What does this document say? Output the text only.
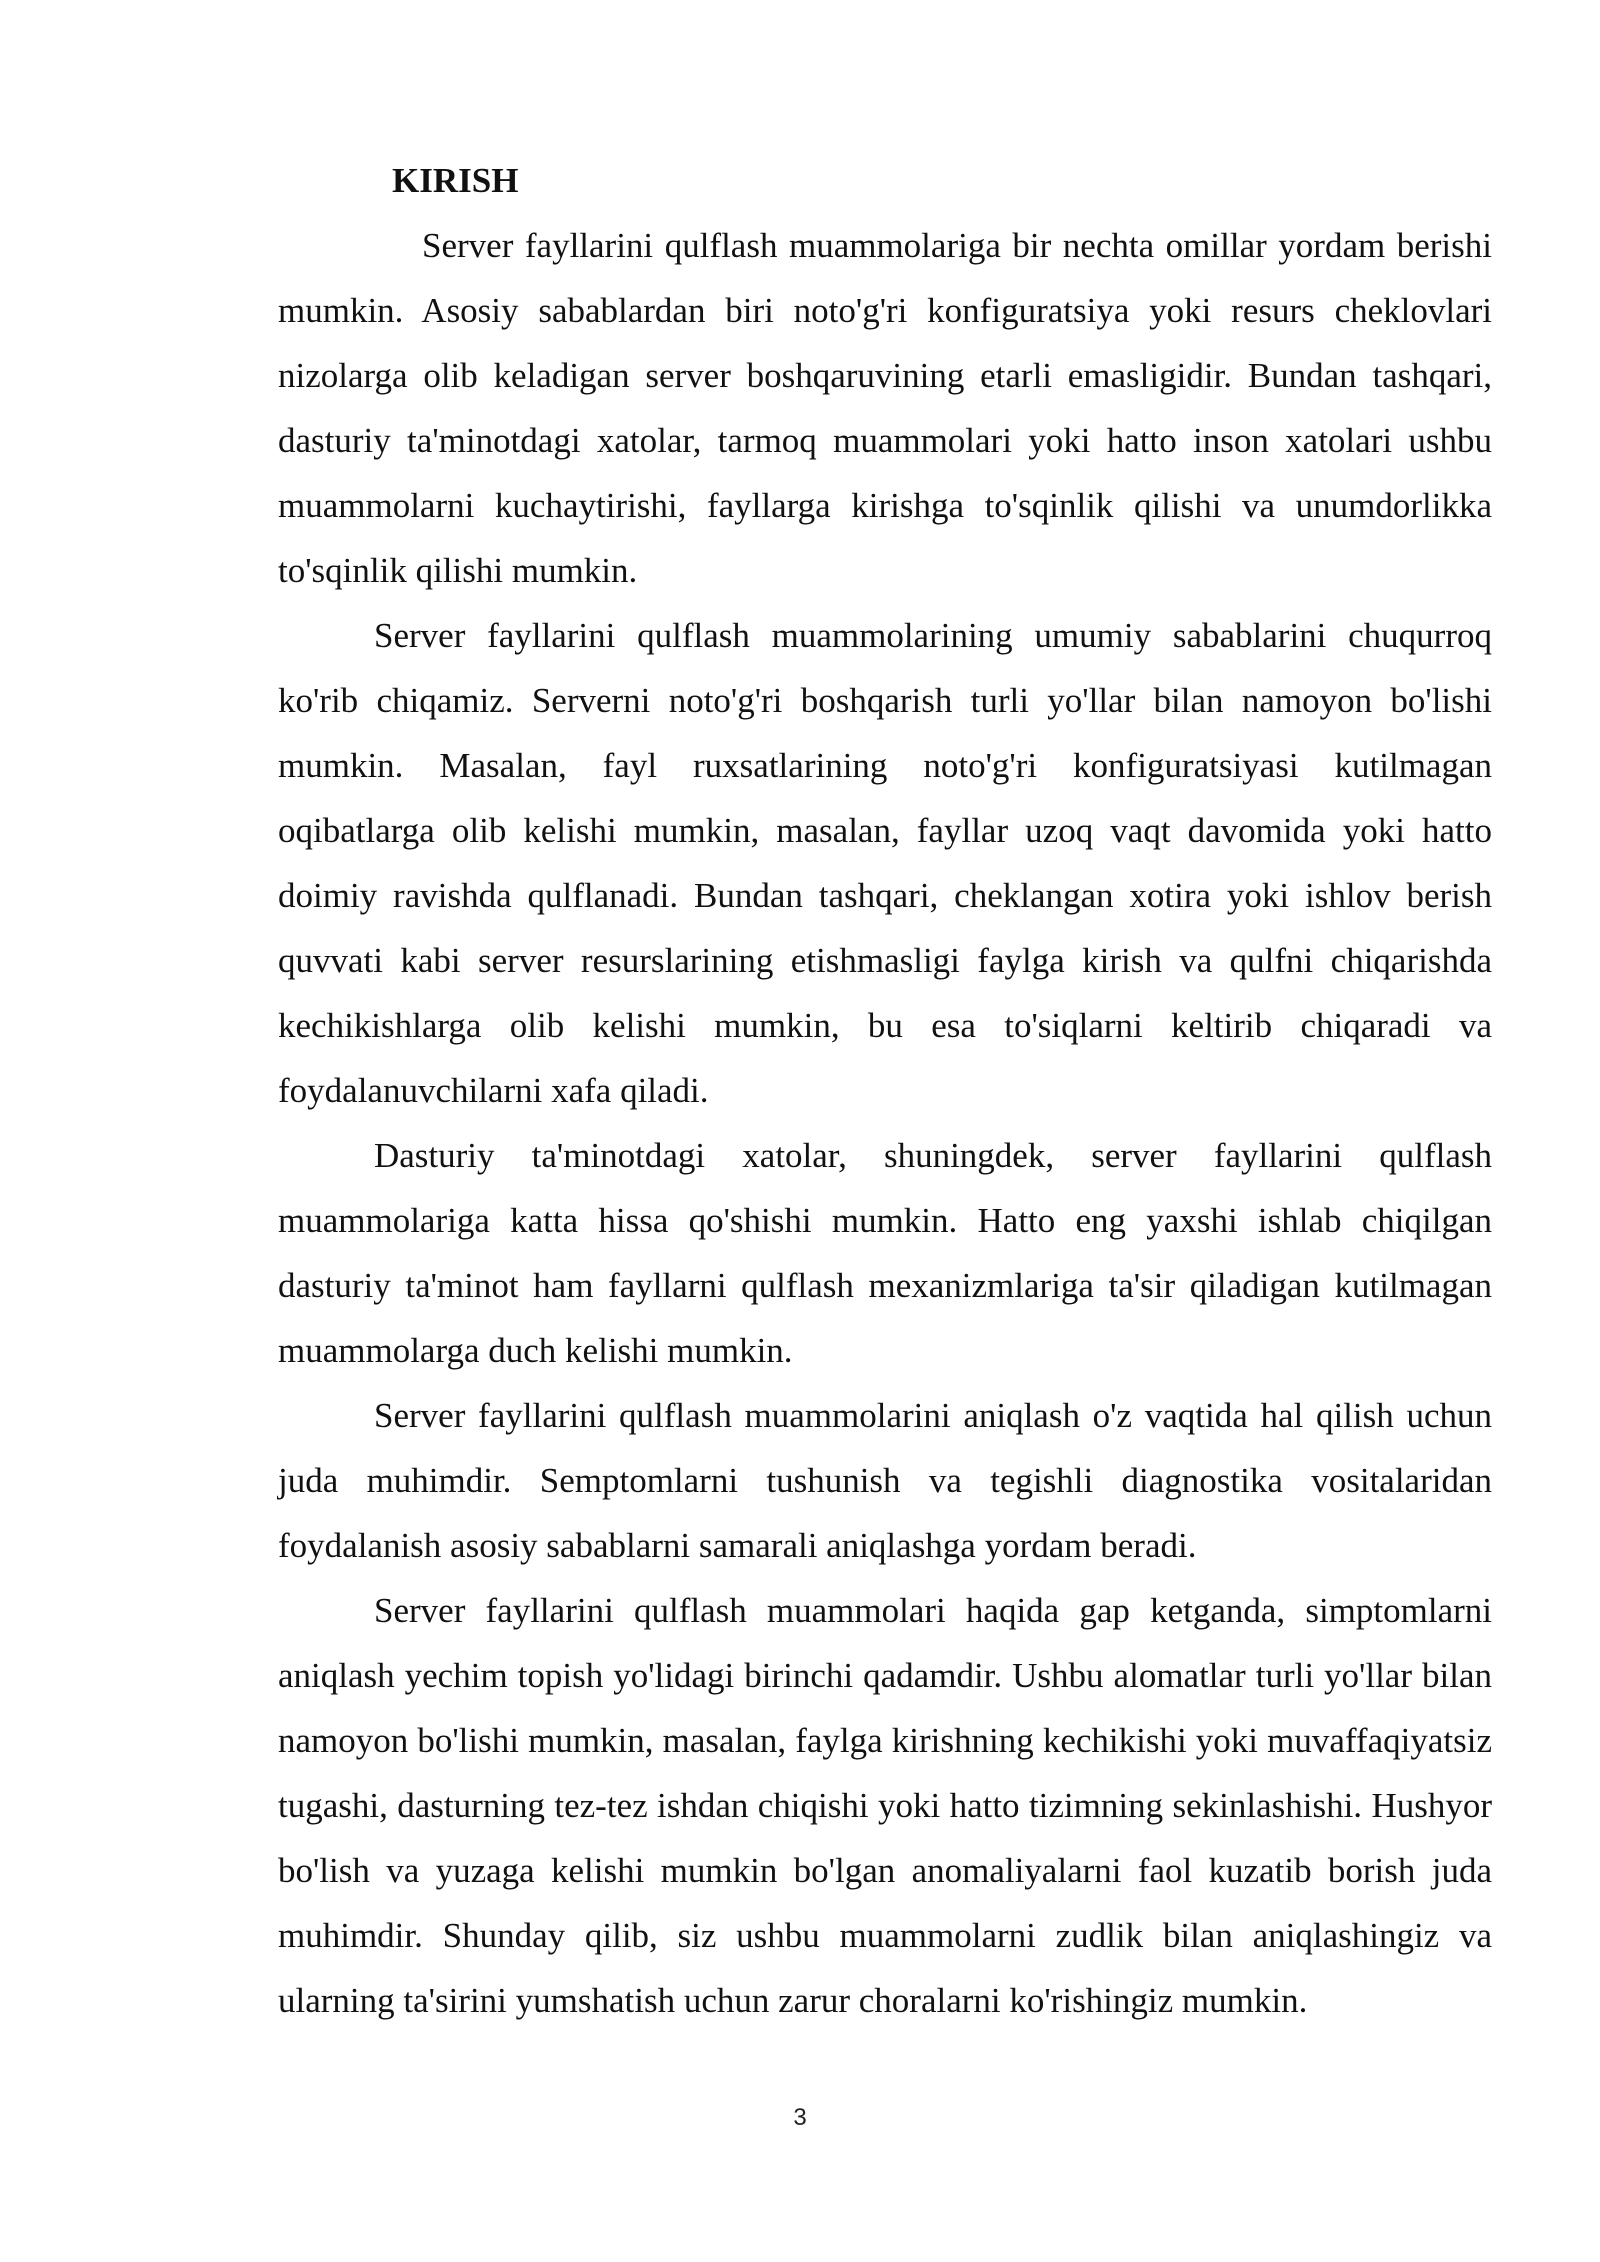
KIRISH

Server fayllarini qulflash muammolariga bir nechta omillar yordam berishi mumkin. Asosiy sabablardan biri noto'g'ri konfiguratsiya yoki resurs cheklovlari nizolarga olib keladigan server boshqaruvining etarli emasligidir. Bundan tashqari, dasturiy ta'minotdagi xatolar, tarmoq muammolari yoki hatto inson xatolari ushbu muammolarni kuchaytirishi, fayllarga kirishga to'sqinlik qilishi va unumdorlikka to'sqinlik qilishi mumkin.

Server fayllarini qulflash muammolarining umumiy sabablarini chuqurroq ko'rib chiqamiz. Serverni noto'g'ri boshqarish turli yo'llar bilan namoyon bo'lishi mumkin. Masalan, fayl ruxsatlarining noto'g'ri konfiguratsiyasi kutilmagan oqibatlarga olib kelishi mumkin, masalan, fayllar uzoq vaqt davomida yoki hatto doimiy ravishda qulflanadi. Bundan tashqari, cheklangan xotira yoki ishlov berish quvvati kabi server resurslarining etishmasligi faylga kirish va qulfni chiqarishda kechikishlarga olib kelishi mumkin, bu esa to'siqlarni keltirib chiqaradi va foydalanuvchilarni xafa qiladi.

Dasturiy ta'minotdagi xatolar, shuningdek, server fayllarini qulflash muammolariga katta hissa qo'shishi mumkin. Hatto eng yaxshi ishlab chiqilgan dasturiy ta'minot ham fayllarni qulflash mexanizmlariga ta'sir qiladigan kutilmagan muammolarga duch kelishi mumkin.

Server fayllarini qulflash muammolarini aniqlash o'z vaqtida hal qilish uchun juda muhimdir. Semptomlarni tushunish va tegishli diagnostika vositalaridan foydalanish asosiy sabablarni samarali aniqlashga yordam beradi.

Server fayllarini qulflash muammolari haqida gap ketganda, simptomlarni aniqlash yechim topish yo'lidagi birinchi qadamdir. Ushbu alomatlar turli yo'llar bilan namoyon bo'lishi mumkin, masalan, faylga kirishning kechikishi yoki muvaffaqiyatsiz tugashi, dasturning tez-tez ishdan chiqishi yoki hatto tizimning sekinlashishi. Hushyor bo'lish va yuzaga kelishi mumkin bo'lgan anomaliyalarni faol kuzatib borish juda muhimdir. Shunday qilib, siz ushbu muammolarni zudlik bilan aniqlashingiz va ularning ta'sirini yumshatish uchun zarur choralarni ko'rishingiz mumkin.

3
